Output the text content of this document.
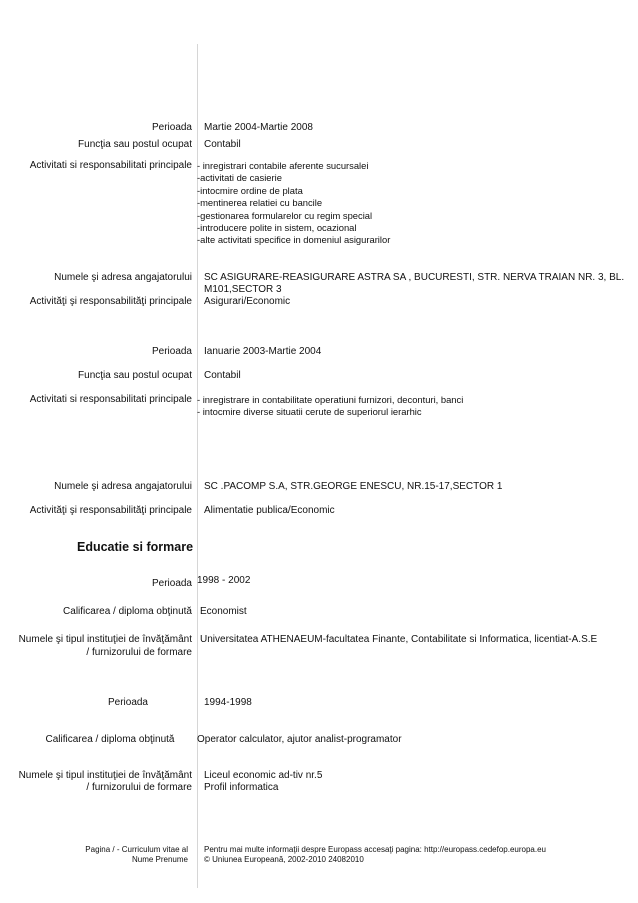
Perioada Martie 2004-Martie 2008
Funcţia sau postul ocupat Contabil
Activitati si responsabilitati principale - inregistrari contabile aferente sucursalei
-activitati de casierie
-intocmire ordine de plata
-mentinerea relatiei cu bancile
-gestionarea formularelor cu regim special
-introducere polite in sistem, ocazional
-alte activitati specifice in domeniul asigurarilor
Numele şi adresa angajatorului SC ASIGURARE-REASIGURARE ASTRA SA , BUCURESTI, STR. NERVA TRAIAN NR. 3, BL.
M101,SECTOR 3
Activităţi şi responsabilităţi principale Asigurari/Economic
Perioada Ianuarie 2003-Martie 2004
Funcţia sau postul ocupat Contabil
Activitati si responsabilitati principale - inregistrare in contabilitate operatiuni furnizori, deconturi, banci
- intocmire diverse situatii cerute de superiorul ierarhic
Numele şi adresa angajatorului SC .PACOMP S.A, STR.GEORGE ENESCU, NR.15-17,SECTOR 1
Activităţi şi responsabilităţi principale Alimentatie publica/Economic
Educatie si formare
Perioada 1998 - 2002
Calificarea / diploma obţinută Economist
Numele şi tipul instituţiei de învăţământ
/ furnizorului de formare
Universitatea ATHENAEUM-facultatea Finante, Contabilitate si Informatica, licentiat-A.S.E
Perioada	1994-1998
Calificarea / diploma obţinută	Operator calculator, ajutor analist-programator
Numele şi tipul instituţiei de învăţământ
/ furnizorului de formare
Liceul economic ad-tiv nr.5
Profil informatica
Pagina / - Curriculum vitae al
Nume Prenume
Pentru mai multe informaţii despre Europass accesaţi pagina: http://europass.cedefop.europa.eu
© Uniunea Europeană, 2002-2010 24082010
